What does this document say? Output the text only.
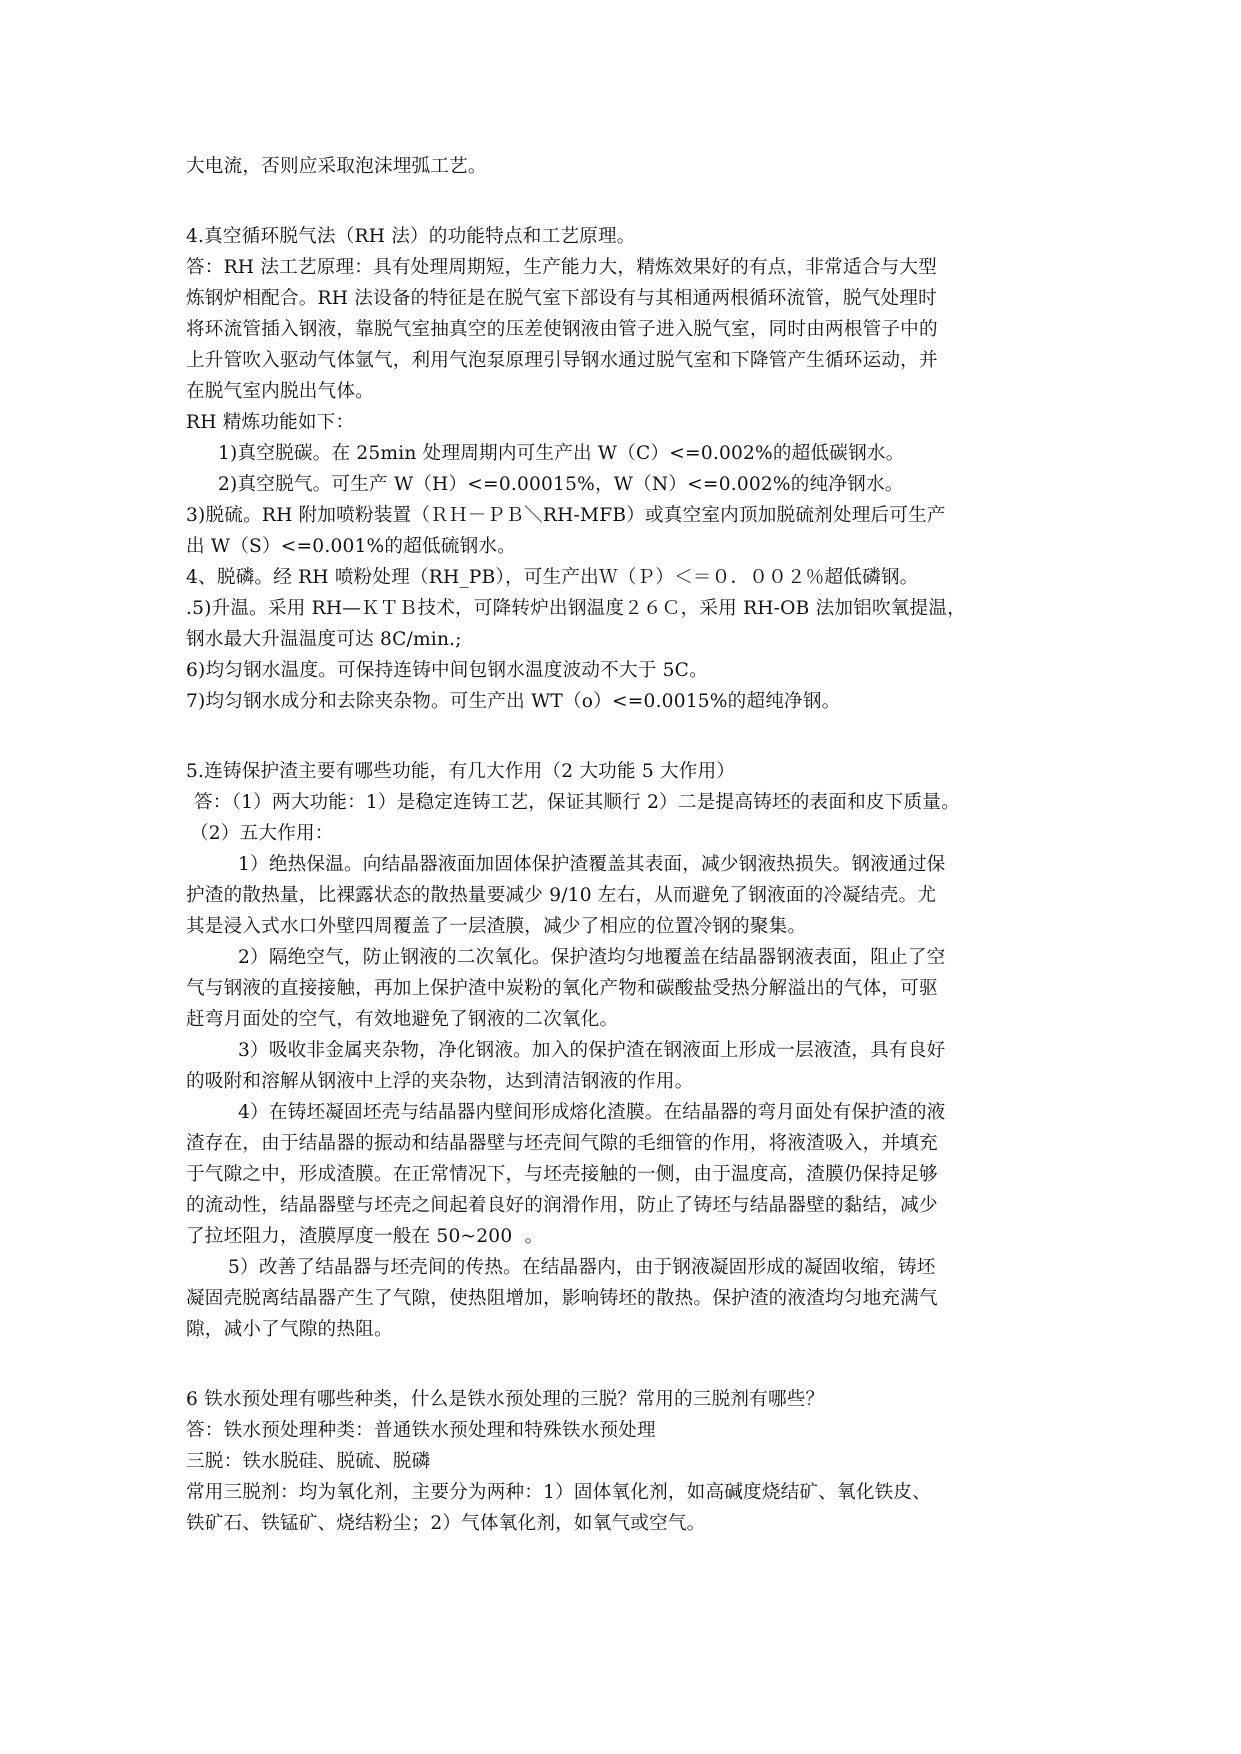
大电流，否则应采取泡沫埋弧工艺。
4.真空循环脱气法（RH 法）的功能特点和工艺原理。
答：RH 法工艺原理：具有处理周期短，生产能力大，精炼效果好的有点，非常适合与大型
炼钢炉相配合。RH 法设备的特征是在脱气室下部设有与其相通两根循环流管，脱气处理时
将环流管插入钢液，靠脱气室抽真空的压差使钢液由管子进入脱气室，同时由两根管子中的
上升管吹入驱动气体氩气，利用气泡泵原理引导钢水通过脱气室和下降管产生循环运动，并
在脱气室内脱出气体。
RH 精炼功能如下：
1)真空脱碳。在 25min 处理周期内可生产出 W（C）<=0.002%的超低碳钢水。
2)真空脱气。可生产 W（H）<=0.00015%，W（N）<=0.002%的纯净钢水。
3)脱硫。RH 附加喷粉装置（ＲＨ－ＰＢ＼RH-MFB）或真空室内顶加脱硫剂处理后可生产
出 W（S）<=0.001%的超低硫钢水。
4、脱磷。经 RH 喷粉处理（RH_PB），可生产出Ｗ（Ｐ）＜＝０．００２％超低磷钢。
.5)升温。采用 RH—ＫＴＢ技术，可降转炉出钢温度２６Ｃ，采用 RH-OB 法加铝吹氧提温，
钢水最大升温温度可达 8C/min.;
6)均匀钢水温度。可保持连铸中间包钢水温度波动不大于 5C。
7)均匀钢水成分和去除夹杂物。可生产出 WT（o）<=0.0015%的超纯净钢。
5.连铸保护渣主要有哪些功能，有几大作用（2 大功能 5 大作用）
答：（1）两大功能：1）是稳定连铸工艺，保证其顺行 2）二是提高铸坯的表面和皮下质量。
（2）五大作用：
1）绝热保温。向结晶器液面加固体保护渣覆盖其表面，减少钢液热损失。钢液通过保
护渣的散热量，比裸露状态的散热量要减少 9/10 左右，从而避免了钢液面的冷凝结壳。尤
其是浸入式水口外壁四周覆盖了一层渣膜，减少了相应的位置冷钢的聚集。
2）隔绝空气，防止钢液的二次氧化。保护渣均匀地覆盖在结晶器钢液表面，阻止了空
气与钢液的直接接触，再加上保护渣中炭粉的氧化产物和碳酸盐受热分解溢出的气体，可驱
赶弯月面处的空气，有效地避免了钢液的二次氧化。
3）吸收非金属夹杂物，净化钢液。加入的保护渣在钢液面上形成一层液渣，具有良好
的吸附和溶解从钢液中上浮的夹杂物，达到清洁钢液的作用。
4）在铸坯凝固坯壳与结晶器内壁间形成熔化渣膜。在结晶器的弯月面处有保护渣的液
渣存在，由于结晶器的振动和结晶器壁与坯壳间气隙的毛细管的作用，将液渣吸入，并填充
于气隙之中，形成渣膜。在正常情况下，与坯壳接触的一侧，由于温度高，渣膜仍保持足够
的流动性，结晶器壁与坯壳之间起着良好的润滑作用，防止了铸坯与结晶器壁的黏结，减少
了拉坯阻力，渣膜厚度一般在 50~200  。
5）改善了结晶器与坯壳间的传热。在结晶器内，由于钢液凝固形成的凝固收缩，铸坯
凝固壳脱离结晶器产生了气隙，使热阻增加，影响铸坯的散热。保护渣的液渣均匀地充满气
隙，减小了气隙的热阻。
6 铁水预处理有哪些种类，什么是铁水预处理的三脱？常用的三脱剂有哪些？
答：铁水预处理种类：普通铁水预处理和特殊铁水预处理
三脱：铁水脱硅、脱硫、脱磷
常用三脱剂：均为氧化剂，主要分为两种：1）固体氧化剂，如高碱度烧结矿、氧化铁皮、
铁矿石、铁锰矿、烧结粉尘；2）气体氧化剂，如氧气或空气。
